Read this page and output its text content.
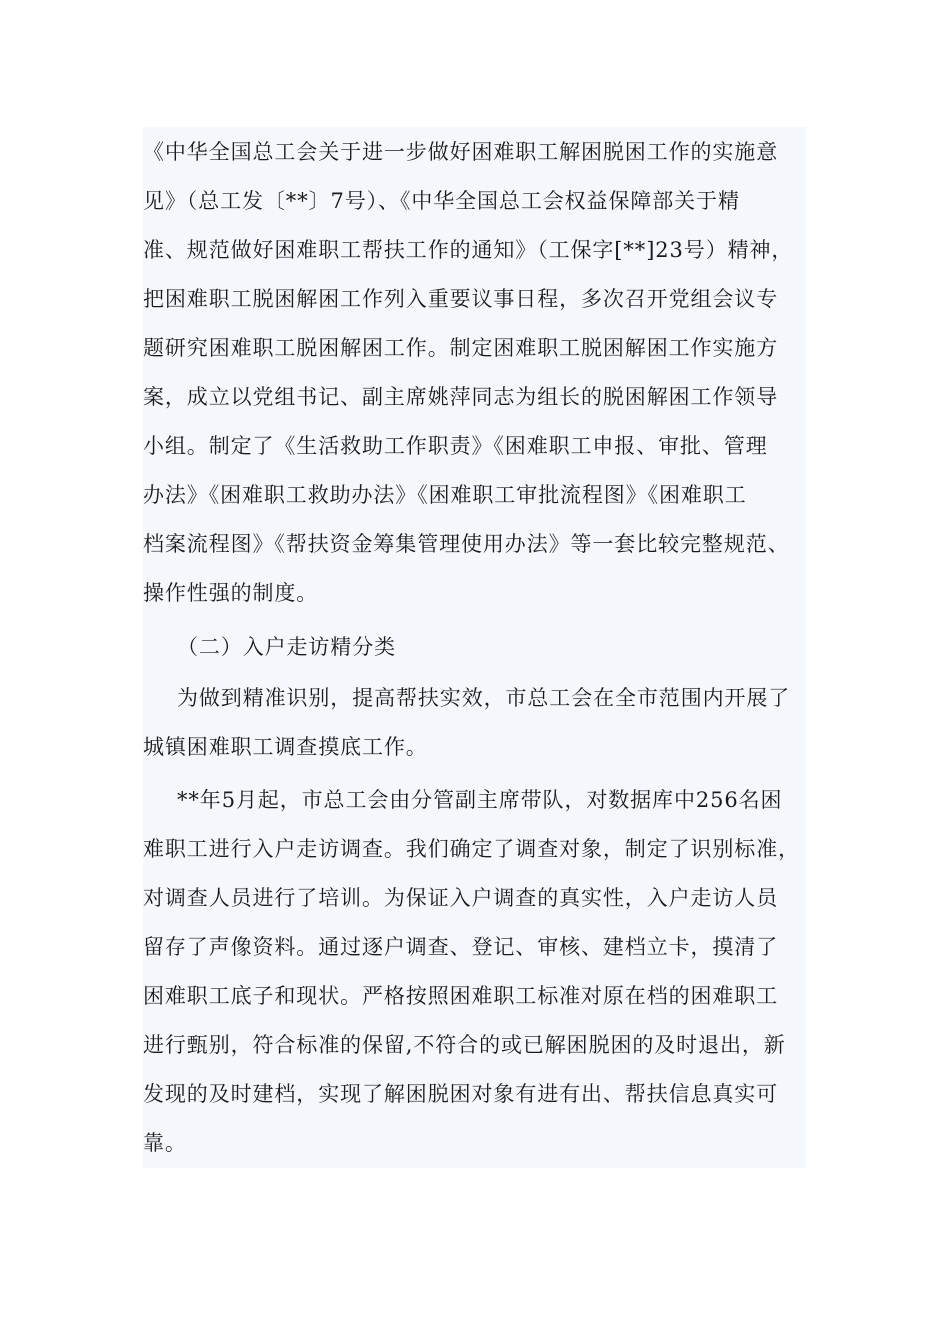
《中华全国总工会关于进一步做好困难职工解困脱困工作的实施意
见》（总工发〔**〕7号）、《中华全国总工会权益保障部关于精
准、规范做好困难职工帮扶工作的通知》（工保字[**]23号）精神，
把困难职工脱困解困工作列入重要议事日程，多次召开党组会议专
题研究困难职工脱困解困工作。制定困难职工脱困解困工作实施方
案，成立以党组书记、副主席姚萍同志为组长的脱困解困工作领导
小组。制定了《生活救助工作职责》《困难职工申报、审批、管理
办法》《困难职工救助办法》《困难职工审批流程图》《困难职工
档案流程图》《帮扶资金筹集管理使用办法》等一套比较完整规范、
操作性强的制度。
（二）入户走访精分类
为做到精准识别，提高帮扶实效，市总工会在全市范围内开展了
城镇困难职工调查摸底工作。
**年5月起，市总工会由分管副主席带队，对数据库中256名困
难职工进行入户走访调查。我们确定了调查对象，制定了识别标准，
对调查人员进行了培训。为保证入户调查的真实性，入户走访人员
留存了声像资料。通过逐户调查、登记、审核、建档立卡，摸清了
困难职工底子和现状。严格按照困难职工标准对原在档的困难职工
进行甄别，符合标准的保留,不符合的或已解困脱困的及时退出，新
发现的及时建档，实现了解困脱困对象有进有出、帮扶信息真实可
靠。
